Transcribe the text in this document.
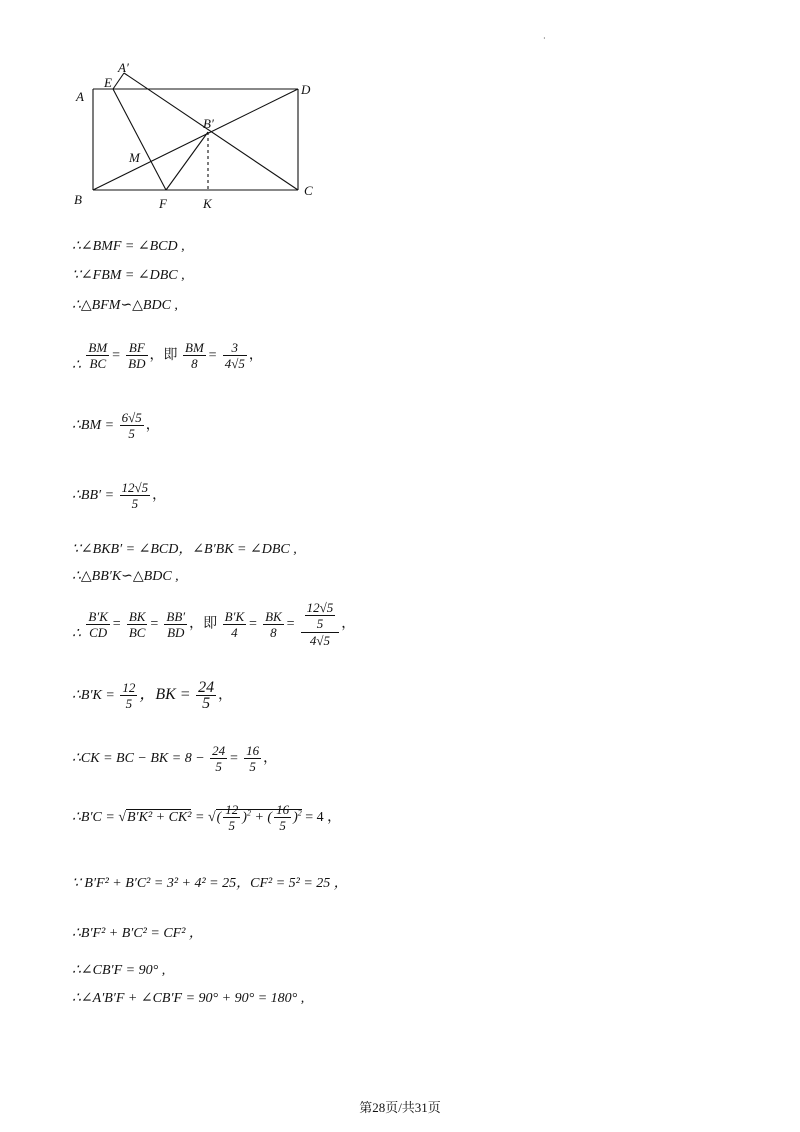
A
A′
E	D
B′
M
B	F	K
C
·
∴∠BMF = ∠BCD ,
∵∠FBM = ∠DBC ,
∴△BFM∽△BDC ,
∴ $\frac{BM}{BC} = \frac{BF}{BD}$ ，即 $\frac{BM}{8} = \frac{3}{4√5}$ ，
∴BM = $\frac{6√5}{5}$ ，
∴BB′ = $\frac{12√5}{5}$ ，
∵∠BKB′ = ∠BCD，∠B′BK = ∠DBC ,
∴△BB′K∽△BDC ,
∴ $\frac{B'K}{CD} = \frac{BK}{BC} = \frac{BB'}{BD}$ ，即 $\frac{B'K}{4} = \frac{BK}{8} = \frac{\frac{12√5}{5}}{4√5}$ ，
∴B′K = $\frac{12}{5}$ ，BK = $\frac{24}{5}$ ，
∴CK = BC − BK = $8 - \frac{24}{5} = \frac{16}{5}$ ，
∴B′C = √B′K² + CK² = √( $\frac{12}{5} )^2$ + ( $\frac{16}{5} )^2 = 4$ ，
∵ B′F² + B′C² = 3² + 4² = 25，CF² = 5² = 25 ，
∴B′F² + B′C² = CF² ，
∴∠CB′F = 90° ,
∴∠A′B′F + ∠CB′F = 90° + 90° = 180° ,
第28页/共31页
